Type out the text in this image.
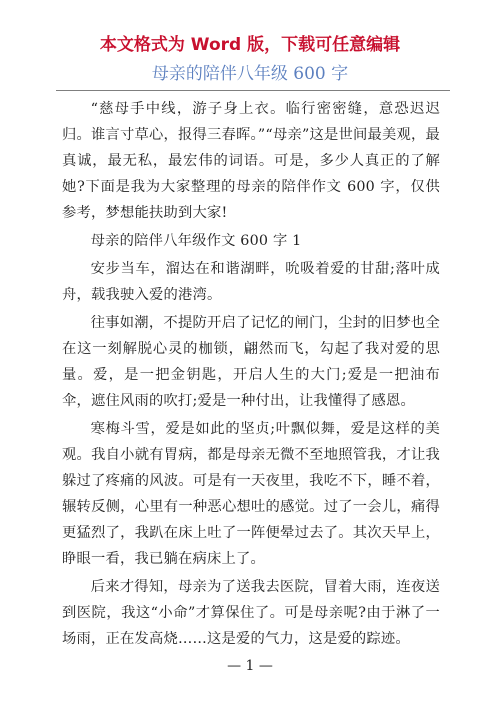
本文格式为 Word 版，下载可任意编辑
母亲的陪伴八年级 600 字

“慈母手中线，游子身上衣。临行密密缝，意恐迟迟归。谁言寸草心，报得三春晖。”“母亲”这是世间最美观，最真诚，最无私，最宏伟的词语。可是，多少人真正的了解她?下面是我为大家整理的母亲的陪伴作文 600 字，仅供参考，梦想能扶助到大家!

母亲的陪伴八年级作文 600 字 1

安步当车，溜达在和谐湖畔，吮吸着爱的甘甜;落叶成舟，载我驶入爱的港湾。

往事如潮，不提防开启了记忆的闸门，尘封的旧梦也全在这一刻解脱心灵的枷锁，翩然而飞，勾起了我对爱的思量。爱，是一把金钥匙，开启人生的大门;爱是一把油布伞，遮住风雨的吹打;爱是一种付出，让我懂得了感恩。

寒梅斗雪，爱是如此的坚贞;叶飘似舞，爱是这样的美观。我自小就有胃病，都是母亲无微不至地照管我，才让我躲过了疼痛的风波。可是有一天夜里，我吃不下，睡不着，辗转反侧，心里有一种恶心想吐的感觉。过了一会儿，痛得更猛烈了，我趴在床上吐了一阵便晕过去了。其次天早上，睁眼一看，我已躺在病床上了。

后来才得知，母亲为了送我去医院，冒着大雨，连夜送到医院，我这“小命”才算保住了。可是母亲呢?由于淋了一场雨，正在发高烧……这是爱的气力，这是爱的踪迹。

— 1 —
